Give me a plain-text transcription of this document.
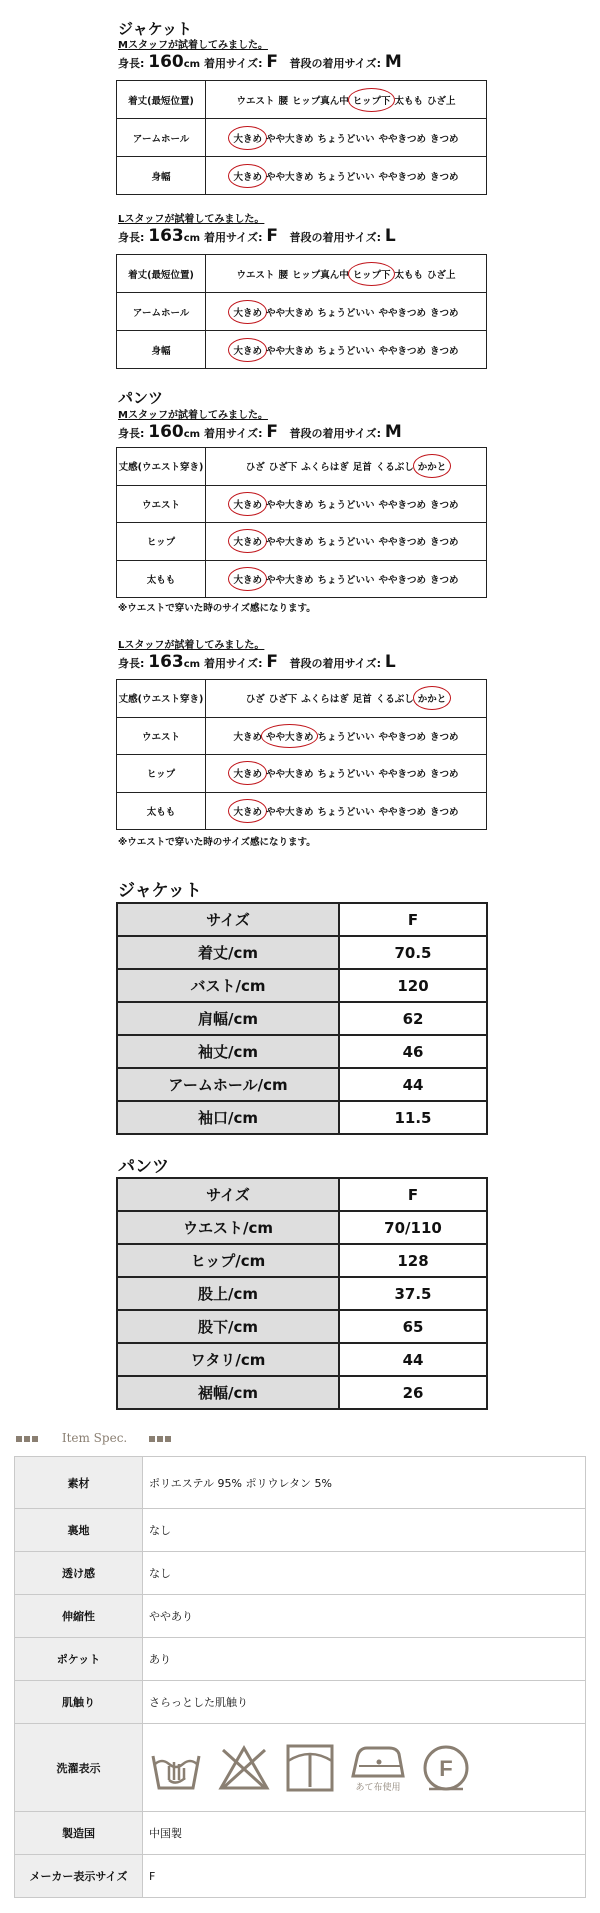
ジャケット
Mスタッフが試着してみました。
身長: 160cm 着用サイズ: F 普段の着用サイズ: M
着丈(最短位置)	ウエスト 腰 ヒップ真ん中 ヒップ下 太もも ひざ上
アームホール	大きめ やや大きめ ちょうどいい ややきつめ きつめ
身幅	大きめ やや大きめ ちょうどいい ややきつめ きつめ
Lスタッフが試着してみました。
身長: 163cm 着用サイズ: F 普段の着用サイズ: L
着丈(最短位置)	ウエスト 腰 ヒップ真ん中 ヒップ下 太もも ひざ上
アームホール	大きめ やや大きめ ちょうどいい ややきつめ きつめ
身幅	大きめ やや大きめ ちょうどいい ややきつめ きつめ
パンツ
Mスタッフが試着してみました。
身長: 160cm 着用サイズ: F 普段の着用サイズ: M
丈感(ウエスト穿き)	ひざ ひざ下 ふくらはぎ 足首 くるぶし かかと
ウエスト	大きめ やや大きめ ちょうどいい ややきつめ きつめ
ヒップ	大きめ やや大きめ ちょうどいい ややきつめ きつめ
太もも	大きめ やや大きめ ちょうどいい ややきつめ きつめ
Lスタッフが試着してみました。
身長: 163cm 着用サイズ: F 普段の着用サイズ: L
丈感(ウエスト穿き)	ひざ ひざ下 ふくらはぎ 足首 くるぶし かかと
ウエスト	大きめ やや大きめ ちょうどいい ややきつめ きつめ
ヒップ	大きめ やや大きめ ちょうどいい ややきつめ きつめ
太もも	大きめ やや大きめ ちょうどいい ややきつめ きつめ
※ウエストで穿いた時のサイズ感になります。
※ウエストで穿いた時のサイズ感になります。
ジャケット
サイズ	F
着丈/cm	70.5
バスト/cm	120
肩幅/cm	62
袖丈/cm	46
アームホール/cm	44
袖口/cm	11.5
パンツ
サイズ	F
ウエスト/cm	70/110
ヒップ/cm	128
股上/cm	37.5
股下/cm	65
ワタリ/cm	44
裾幅/cm	26
Item Spec.
素材	ポリエステル 95% ポリウレタン 5%
裏地	なし
透け感	なし
伸縮性	ややあり
ポケット	あり
肌触り	さらっとした肌触り
洗濯表示	あて布使用
F

製造国	中国製
メーカー表示サイズ	F
